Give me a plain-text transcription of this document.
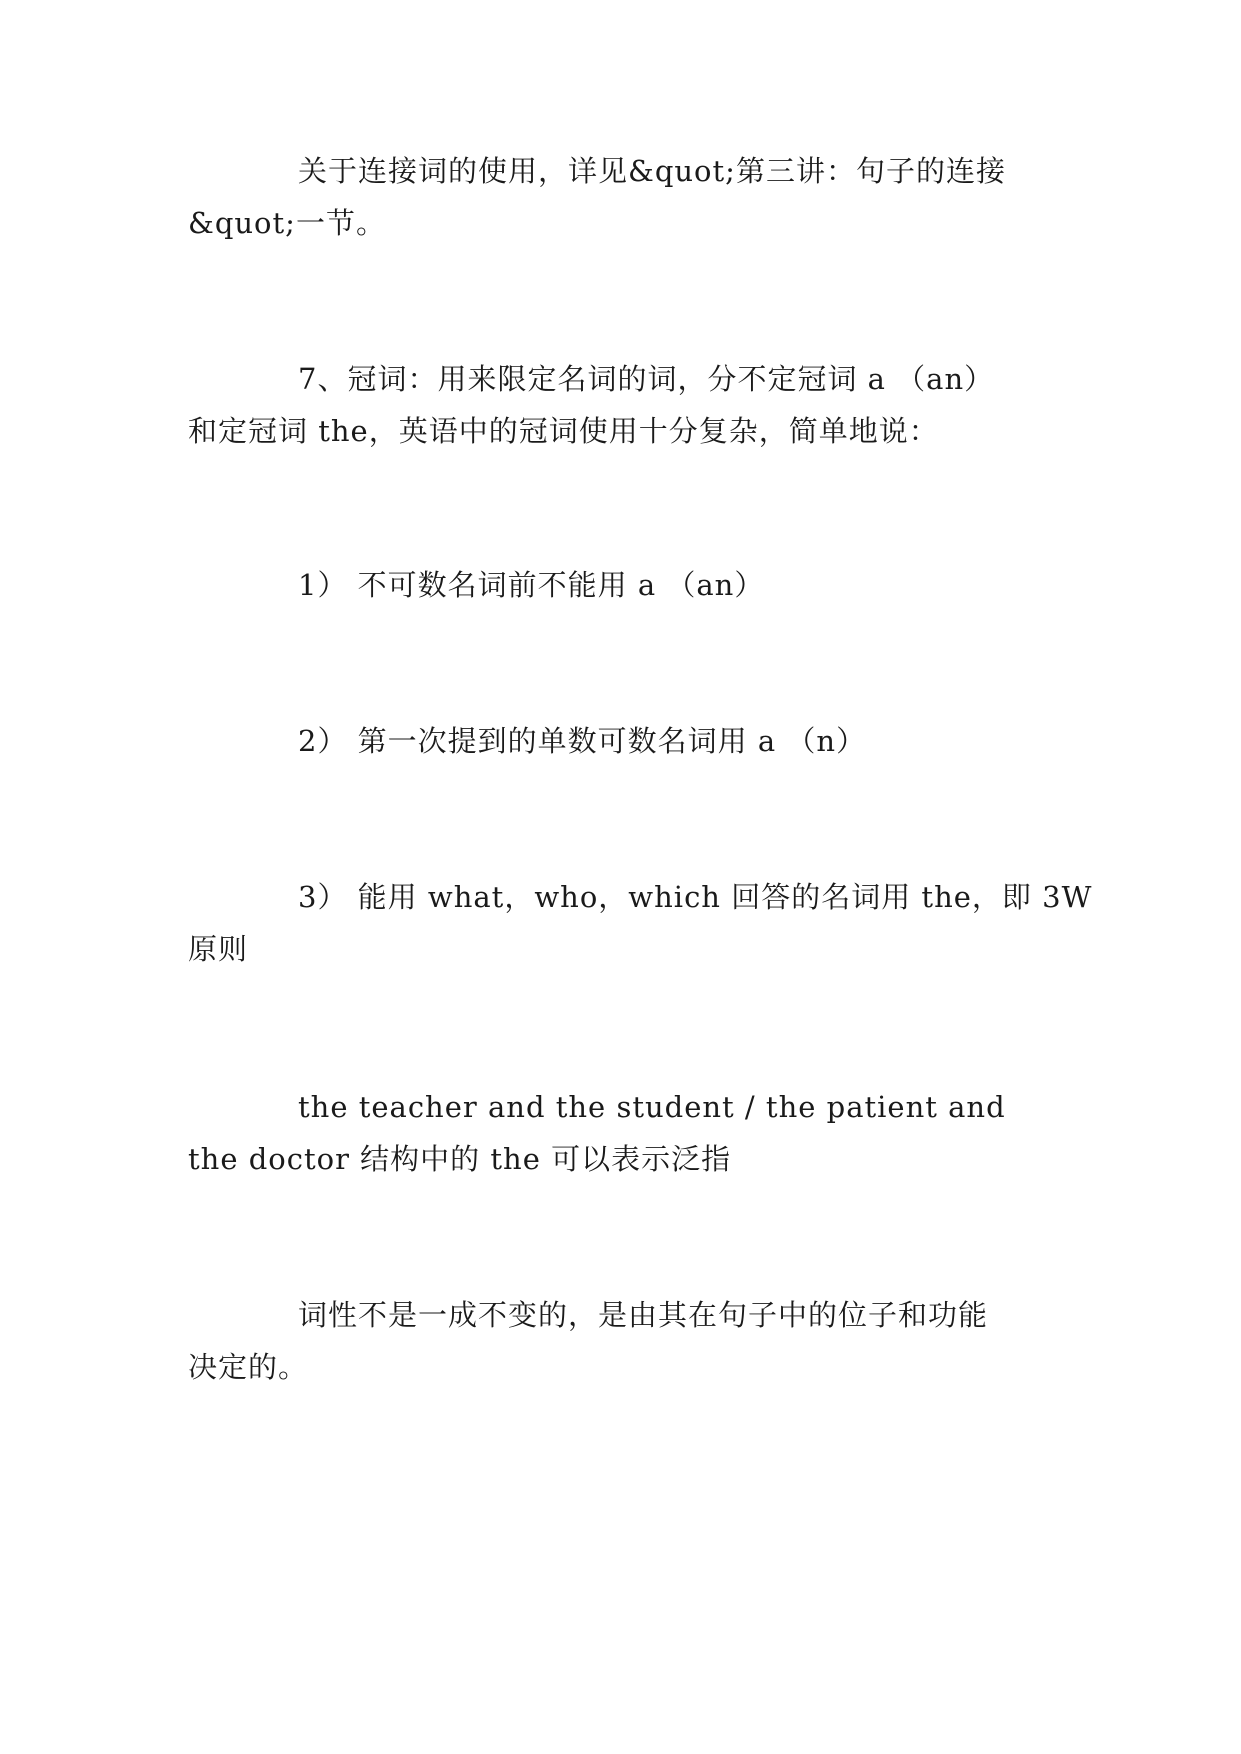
关于连接词的使用，详见&quot;第三讲：句子的连接
&quot;一节。
7、冠词：用来限定名词的词，分不定冠词 a （an）
和定冠词 the，英语中的冠词使用十分复杂，简单地说：
1） 不可数名词前不能用 a （an）
2） 第一次提到的单数可数名词用 a （n）
3） 能用 what，who，which 回答的名词用 the，即 3W
原则
the teacher and the student / the patient and
the doctor 结构中的 the 可以表示泛指
词性不是一成不变的，是由其在句子中的位子和功能
决定的。
